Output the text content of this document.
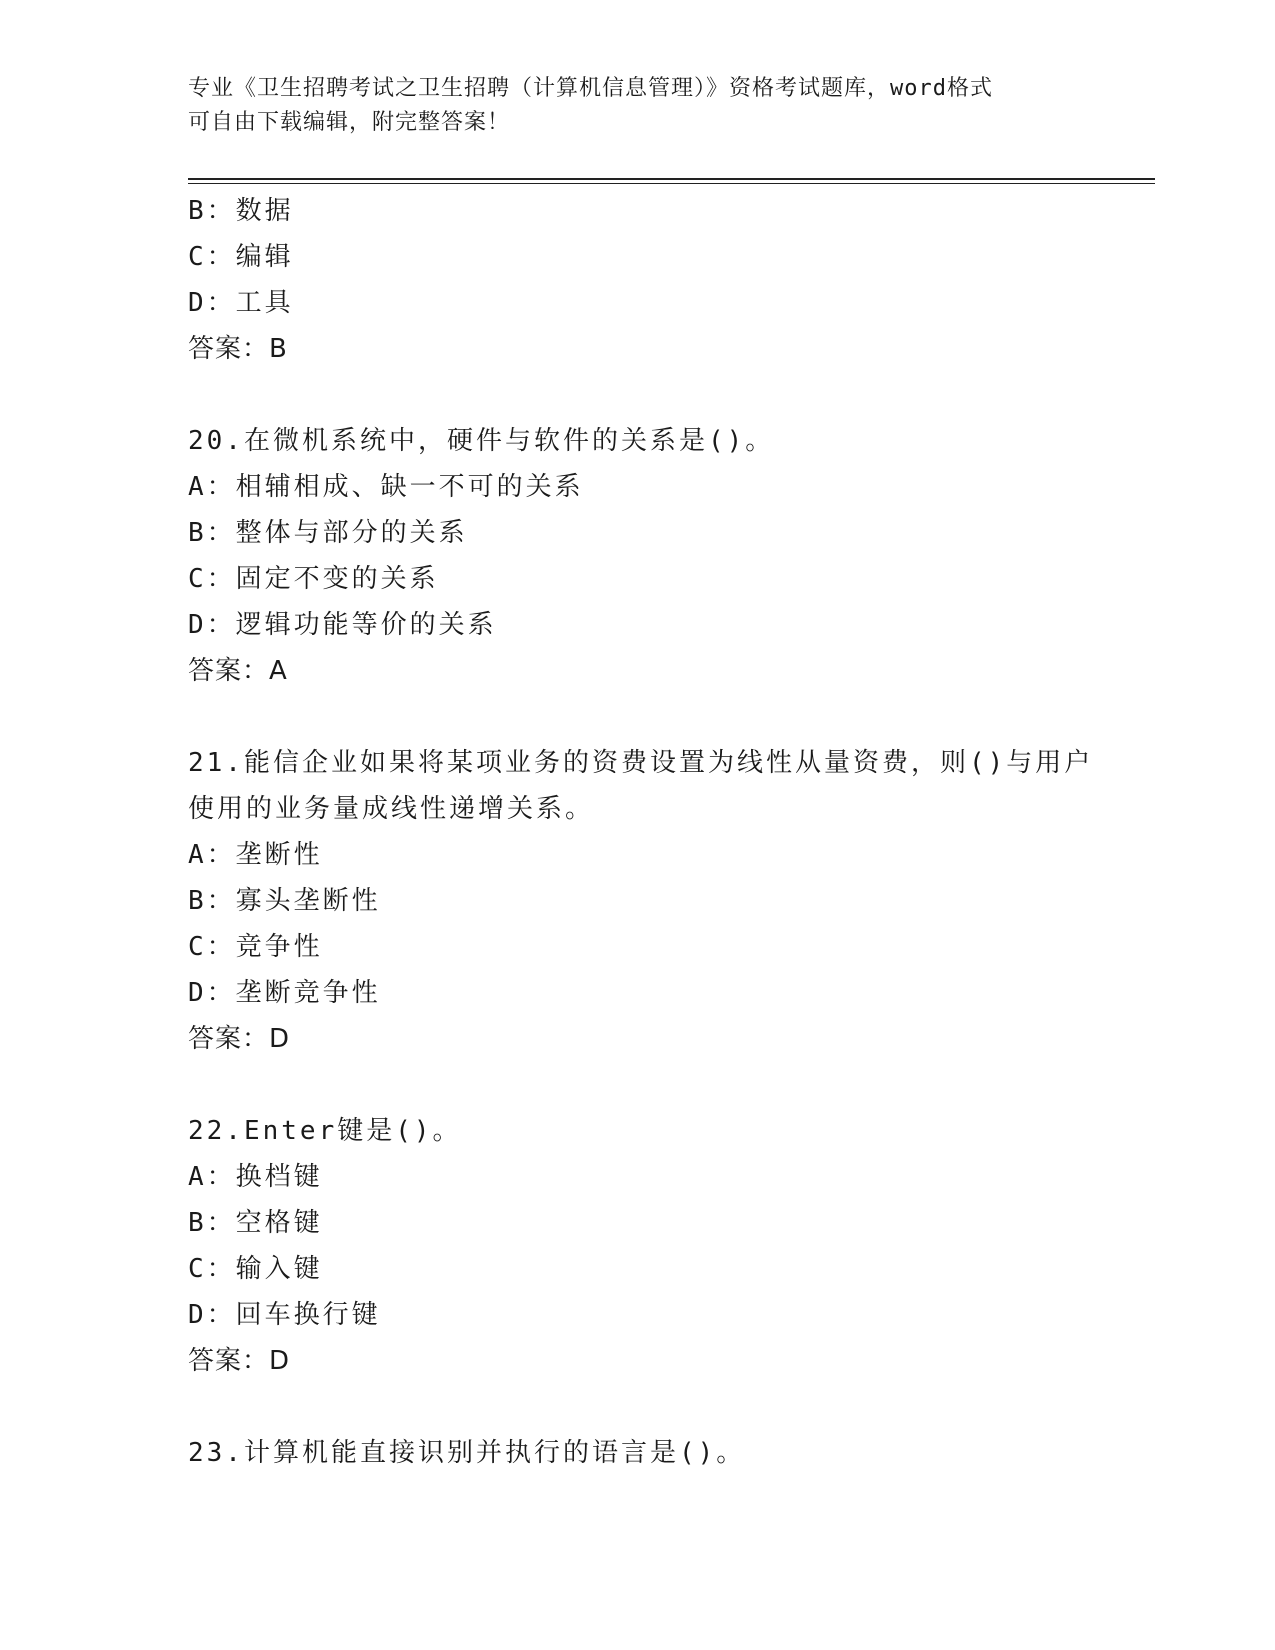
专业《卫生招聘考试之卫生招聘（计算机信息管理）》资格考试题库，word格式
可自由下载编辑，附完整答案！
B：数据
C：编辑
D：工具
答案：B
20.在微机系统中，硬件与软件的关系是()。
A：相辅相成、缺一不可的关系
B：整体与部分的关系
C：固定不变的关系
D：逻辑功能等价的关系
答案：A
21.能信企业如果将某项业务的资费设置为线性从量资费，则()与用户
使用的业务量成线性递增关系。
A：垄断性
B：寡头垄断性
C：竞争性
D：垄断竞争性
答案：D
22.Enter键是()。
A：换档键
B：空格键
C：输入键
D：回车换行键
答案：D
23.计算机能直接识别并执行的语言是()。
